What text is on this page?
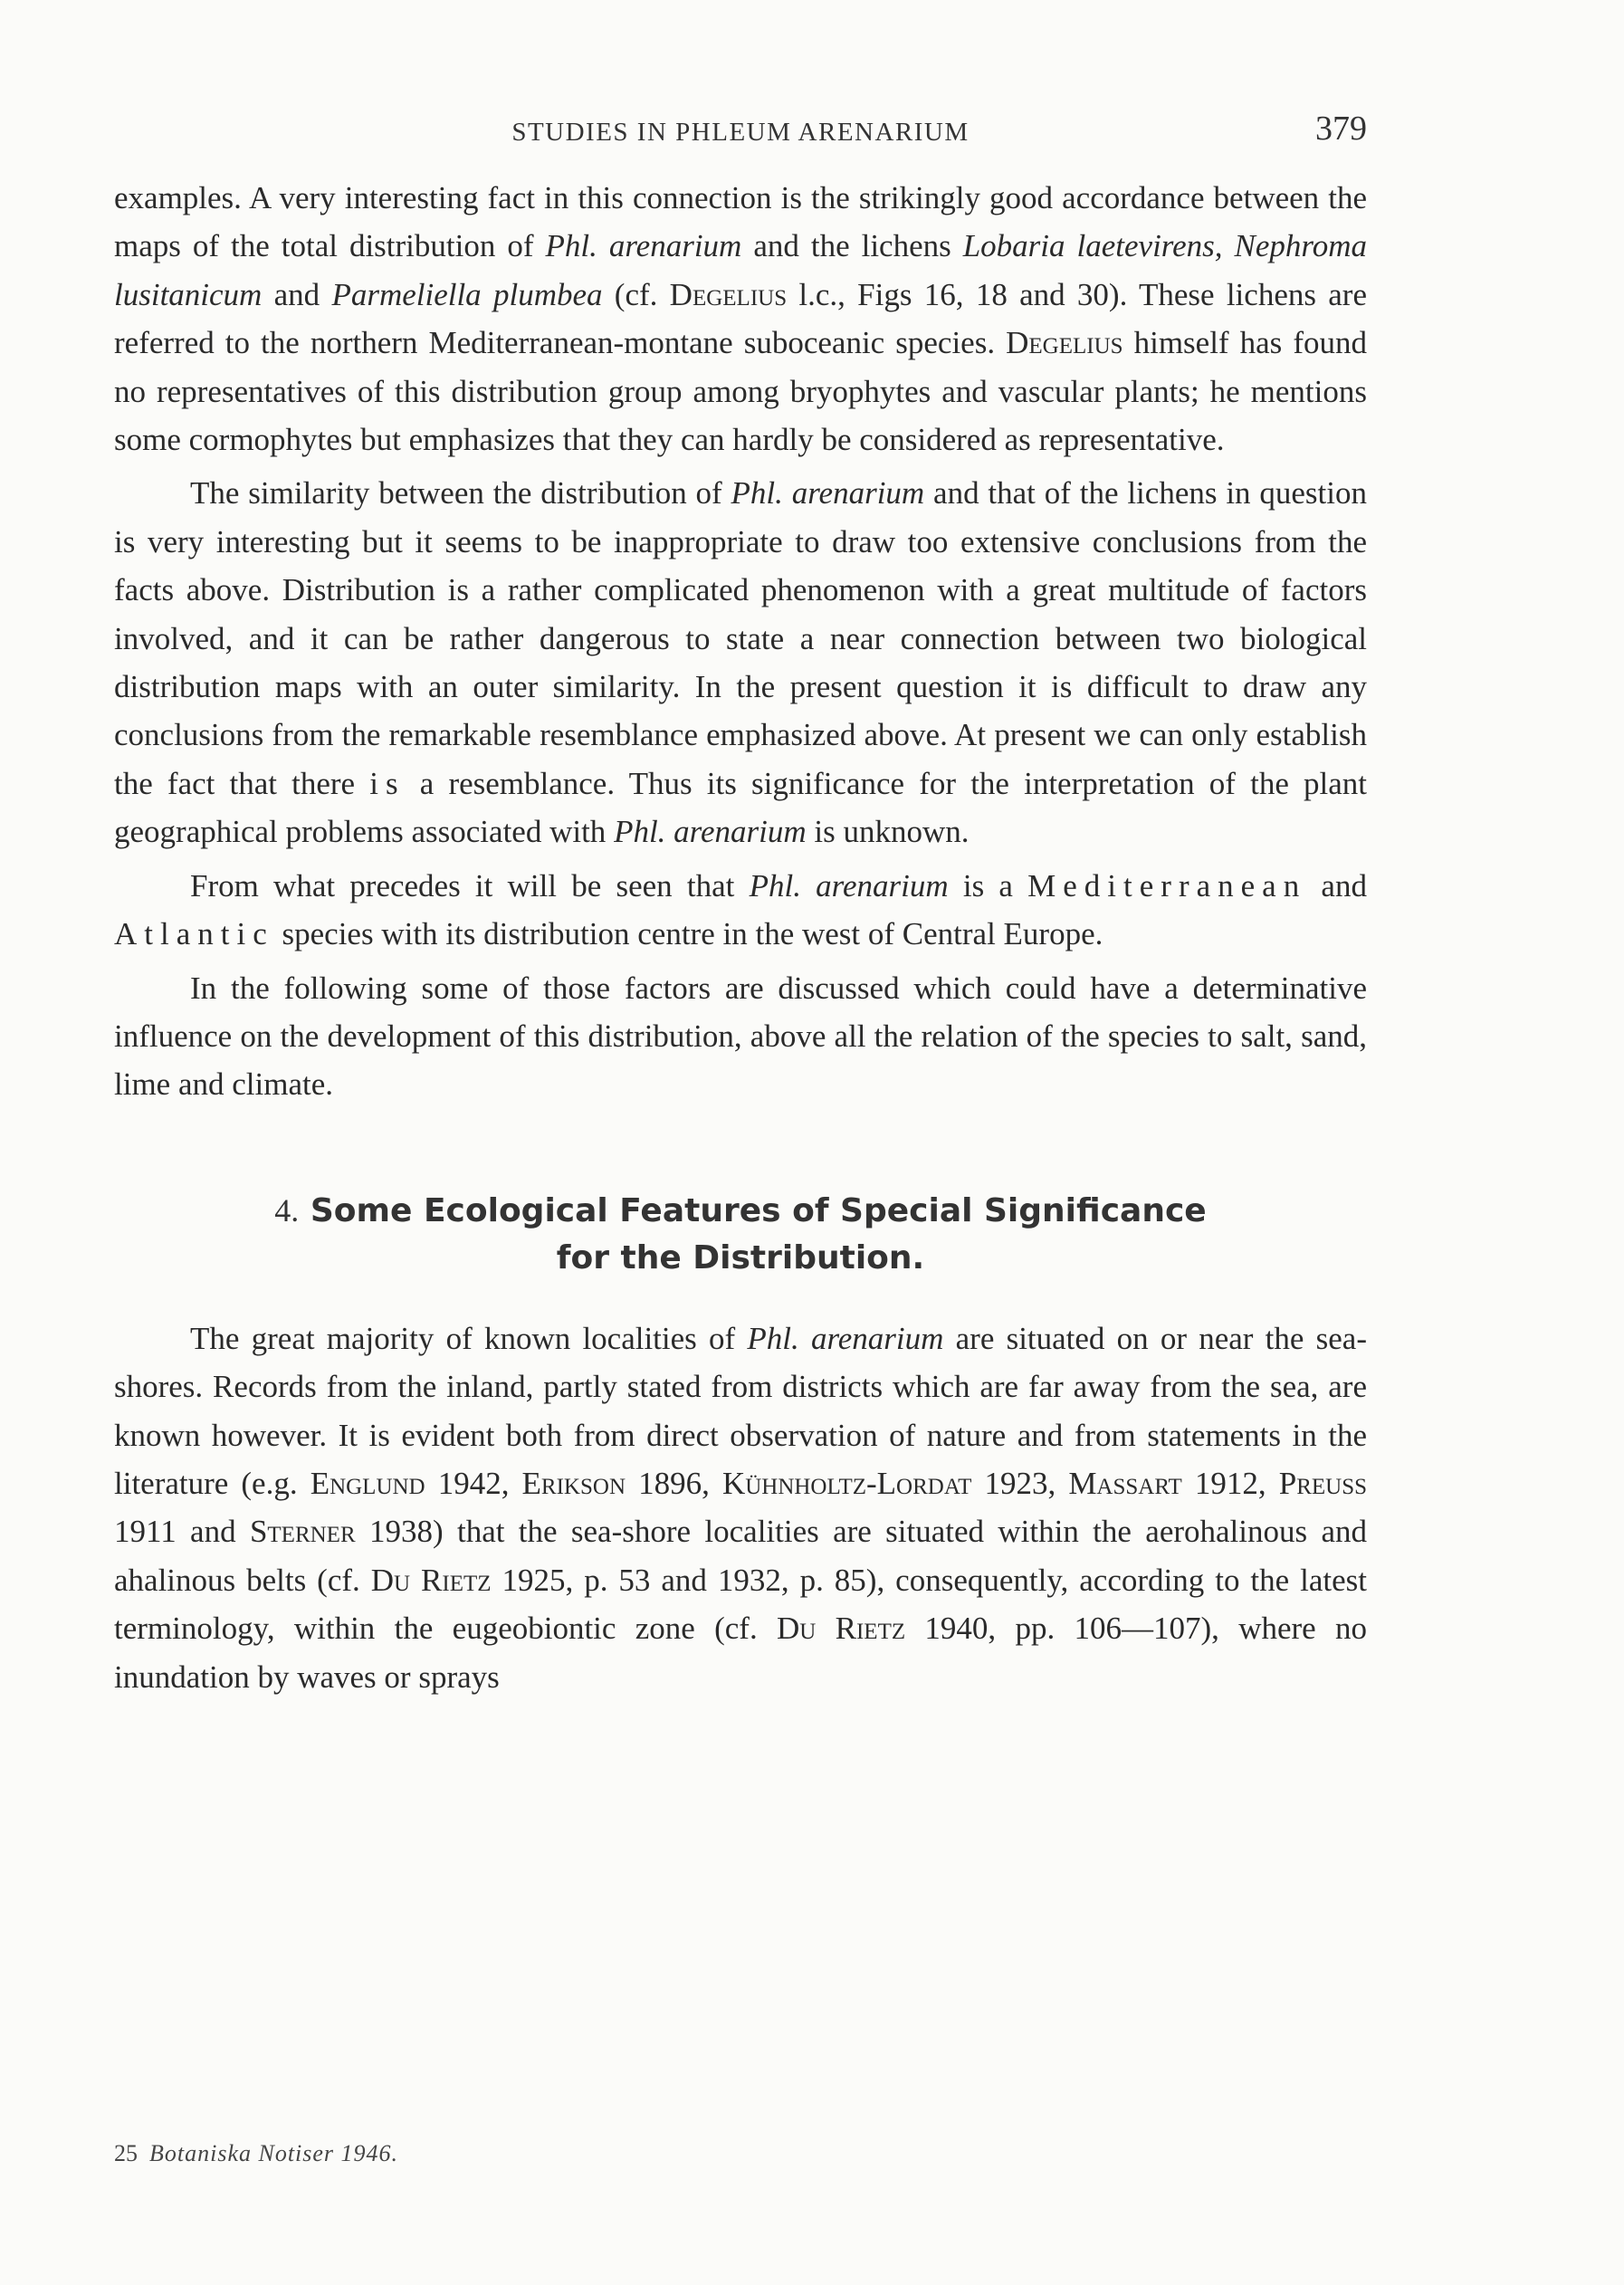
STUDIES IN PHLEUM ARENARIUM	379

examples. A very interesting fact in this connection is the strikingly good accordance between the maps of the total distribution of Phl. arenarium and the lichens Lobaria laetevirens, Nephroma lusitanicum and Parmeliella plumbea (cf. Degelius l.c., Figs 16, 18 and 30). These lichens are referred to the northern Mediterranean-montane suboceanic species. Degelius himself has found no representatives of this distribution group among bryophytes and vascular plants; he mentions some cormophytes but emphasizes that they can hardly be considered as representative.

The similarity between the distribution of Phl. arenarium and that of the lichens in question is very interesting but it seems to be inappropriate to draw too extensive conclusions from the facts above. Distribution is a rather complicated phenomenon with a great multitude of factors involved, and it can be rather dangerous to state a near connection between two biological distribution maps with an outer similarity. In the present question it is difficult to draw any conclusions from the remarkable resemblance emphasized above. At present we can only establish the fact that there is a resemblance. Thus its significance for the interpretation of the plant geographical problems associated with Phl. arenarium is unknown.

From what precedes it will be seen that Phl. arenarium is a Mediterranean and Atlantic species with its distribution centre in the west of Central Europe.

In the following some of those factors are discussed which could have a determinative influence on the development of this distribution, above all the relation of the species to salt, sand, lime and climate.

4. Some Ecological Features of Special Significance
for the Distribution.

The great majority of known localities of Phl. arenarium are situated on or near the sea-shores. Records from the inland, partly stated from districts which are far away from the sea, are known however. It is evident both from direct observation of nature and from statements in the literature (e.g. Englund 1942, Erikson 1896, Kühnholtz-Lordat 1923, Massart 1912, Preuss 1911 and Sterner 1938) that the sea-shore localities are situated within the aerohalinous and ahalinous belts (cf. Du Rietz 1925, p. 53 and 1932, p. 85), consequently, according to the latest terminology, within the eugeobiontic zone (cf. Du Rietz 1940, pp. 106—107), where no inundation by waves or sprays

25 Botaniska Notiser 1946.
